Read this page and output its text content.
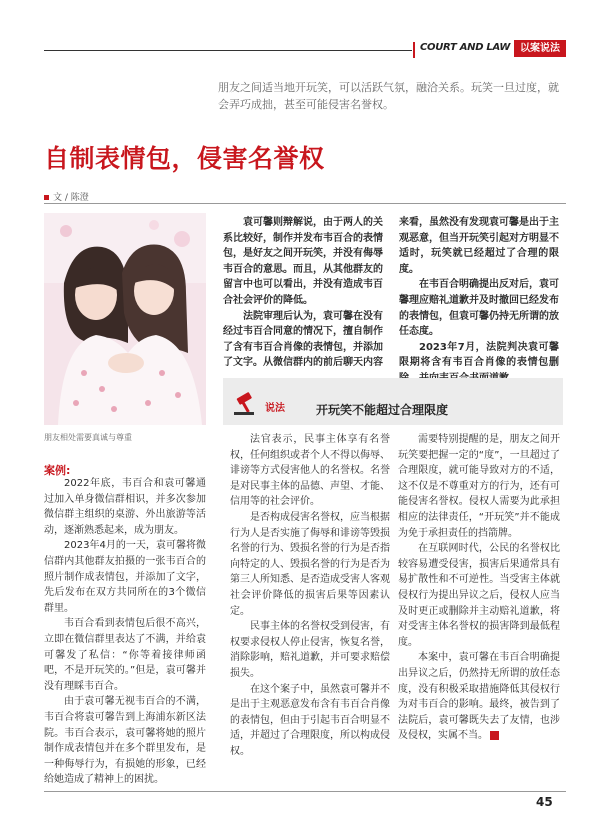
COURT AND LAW 以案说法
朋友之间适当地开玩笑，可以活跃气氛，融洽关系。玩笑一旦过度，就会弄巧成拙，甚至可能侵害名誉权。
自制表情包，侵害名誉权
文 / 陈澄
朋友相处需要真诚与尊重
案例:

2022年底，韦百合和袁可馨通过加入单身微信群相识，并多次参加微信群主组织的桌游、外出旅游等活动，逐渐熟悉起来，成为朋友。

2023年4月的一天，袁可馨将微信群内其他群友拍摄的一张韦百合的照片制作成表情包，并添加了文字，先后发布在双方共同所在的3个微信群里。

韦百合看到表情包后很不高兴，立即在微信群里表达了不满，并给袁可馨发了私信：“你等着接律师函吧，不是开玩笑的。”但是，袁可馨并没有理睬韦百合。

由于袁可馨无视韦百合的不满，韦百合将袁可馨告到上海浦东新区法院。韦百合表示，袁可馨将她的照片制作成表情包并在多个群里发布，是一种侮辱行为，有损她的形象，已经给她造成了精神上的困扰。

袁可馨则辩解说，由于两人的关系比较好，制作并发布韦百合的表情包，是好友之间开玩笑，并没有侮辱韦百合的意思。而且，从其他群友的留言中也可以看出，并没有造成韦百合社会评价的降低。

法院审理后认为，袁可馨在没有经过韦百合同意的情况下，擅自制作了含有韦百合肖像的表情包，并添加了文字。从微信群内的前后聊天内容

来看，虽然没有发现袁可馨是出于主观恶意，但当开玩笑引起对方明显不适时，玩笑就已经超过了合理的限度。

在韦百合明确提出反对后，袁可馨理应赔礼道歉并及时撤回已经发布的表情包，但袁可馨仍持无所谓的放任态度。

2023年7月，法院判决袁可馨限期将含有韦百合肖像的表情包删

说法	开玩笑不能超过合理限度

法官表示，民事主体享有名誉权，任何组织或者个人不得以侮辱、诽谤等方式侵害他人的名誉权。名誉是对民事主体的品德、声望、才能、信用等的社会评价。

是否构成侵害名誉权，应当根据行为人是否实施了侮辱和诽谤等毁损名誉的行为、毁损名誉的行为是否指向特定的人、毁损名誉的行为是否为第三人所知悉、是否造成受害人客观社会评价降低的损害后果等因素认定。

民事主体的名誉权受到侵害，有权要求侵权人停止侵害，恢复名誉，消除影响，赔礼道歉，并可要求赔偿损失。

在这个案子中，虽然袁可馨并不是出于主观恶意发布含有韦百合肖像的表情包，但由于引起韦百合明显不适，并超过了合理限度，所以构成侵权。

需要特别提醒的是，朋友之间开玩笑要把握一定的“度”，一旦超过了合理限度，就可能导致对方的不适，这不仅是不尊重对方的行为，还有可能侵害名誉权。侵权人需要为此承担相应的法律责任，“开玩笑”并不能成为免于承担责任的挡箭牌。

在互联网时代，公民的名誉权比较容易遭受侵害，损害后果通常具有易扩散性和不可逆性。当受害主体就侵权行为提出异议之后，侵权人应当及时更正或删除并主动赔礼道歉，将对受害主体名誉权的损害降到最低程度。

本案中，袁可馨在韦百合明确提出异议之后，仍然持无所谓的放任态度，没有积极采取措施降低其侵权行为对韦百合的影响。最终，被告到了法院后，袁可馨既失去了友情，也涉及侵权，实属不当。

45
